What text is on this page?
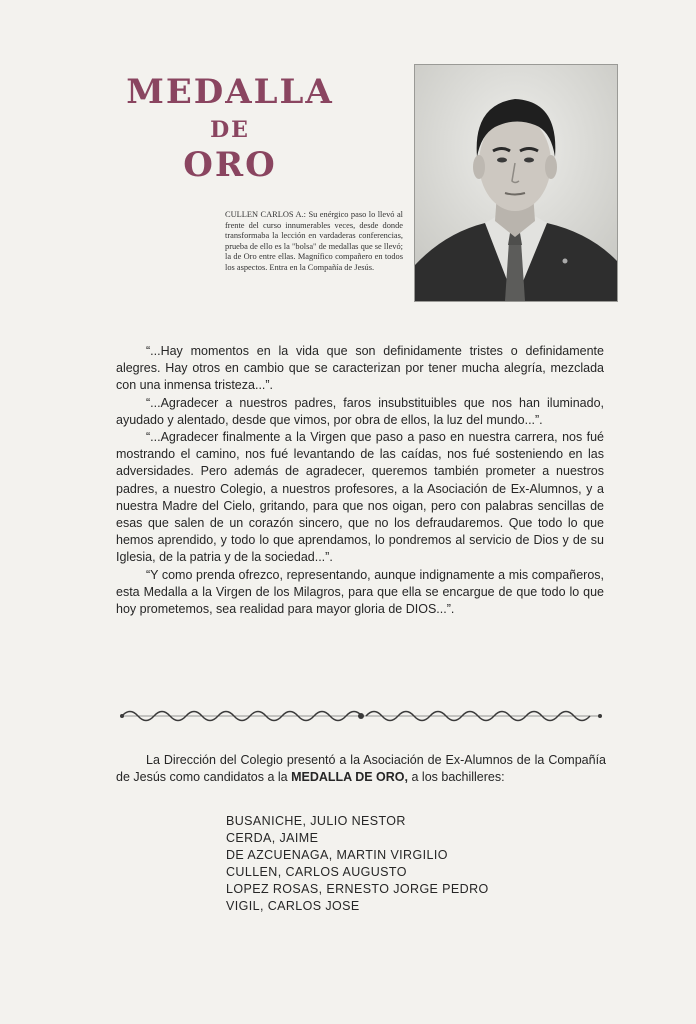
MEDALLA
DE
ORO
CULLEN CARLOS A.: Su enérgico paso lo llevó al frente del curso innumerables veces, desde donde transformaba la lección en vardaderas conferencias, prueba de ello es la "bolsa" de medallas que se llevó; la de Oro entre ellas. Magnífico compañero en todos los aspectos. Entra en la Compañía de Jesús.

“...Hay momentos en la vida que son definidamente tristes o definidamente alegres. Hay otros en cambio que se caracterizan por tener mucha alegría, mezclada con una inmensa tristeza...”.

“...Agradecer a nuestros padres, faros insubstituibles que nos han iluminado, ayudado y alentado, desde que vimos, por obra de ellos, la luz del mundo...”.

“...Agradecer finalmente a la Virgen que paso a paso en nuestra carrera, nos fué mostrando el camino, nos fué levantando de las caídas, nos fué sosteniendo en las adversidades. Pero además de agradecer, queremos también prometer a nuestros padres, a nuestro Colegio, a nuestros profesores, a la Asociación de Ex-Alumnos, y a nuestra Madre del Cielo, gritando, para que nos oigan, pero con palabras sencillas de esas que salen de un corazón sincero, que no los defraudaremos. Que todo lo que hemos aprendido, y todo lo que aprendamos, lo pondremos al servicio de Dios y de su Iglesia, de la patria y de la sociedad...”.

“Y como prenda ofrezco, representando, aunque indignamente a mis compañeros, esta Medalla a la Virgen de los Milagros, para que ella se encargue de que todo lo que hoy prometemos, sea realidad para mayor gloria de DIOS...”.

La Dirección del Colegio presentó a la Asociación de Ex-Alumnos de la Compañía de Jesús como candidatos a la MEDALLA DE ORO, a los bachilleres:

BUSANICHE, JULIO NESTOR
CERDA, JAIME
DE AZCUENAGA, MARTIN VIRGILIO
CULLEN, CARLOS AUGUSTO
LOPEZ ROSAS, ERNESTO JORGE PEDRO
VIGIL, CARLOS JOSE
